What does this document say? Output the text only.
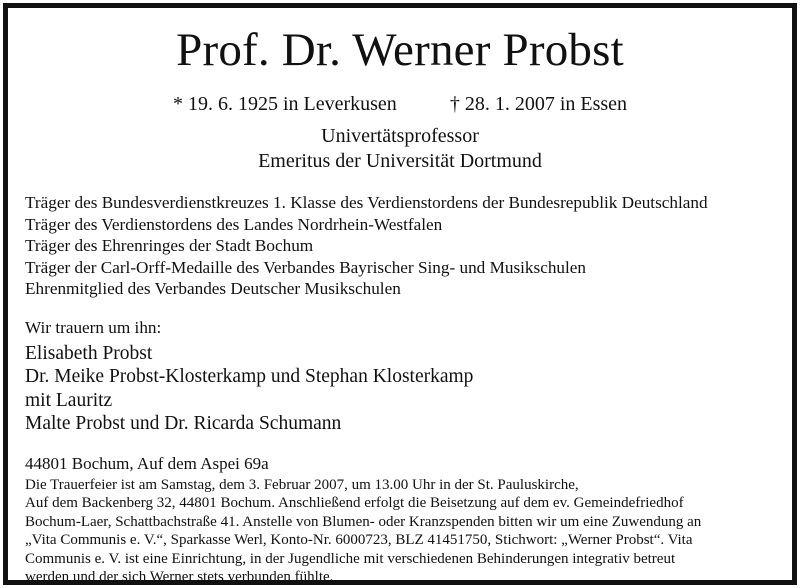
Prof. Dr. Werner Probst
* 19. 6. 1925 in Leverkusen	† 28. 1. 2007 in Essen
Univertätsprofessor
Emeritus der Universität Dortmund
Träger des Bundesverdienstkreuzes 1. Klasse des Verdienstordens der Bundesrepublik Deutschland
Träger des Verdienstordens des Landes Nordrhein-Westfalen
Träger des Ehrenringes der Stadt Bochum
Träger der Carl-Orff-Medaille des Verbandes Bayrischer Sing- und Musikschulen
Ehrenmitglied des Verbandes Deutscher Musikschulen
Wir trauern um ihn:
Elisabeth Probst
Dr. Meike Probst-Klosterkamp und Stephan Klosterkamp
mit Lauritz
Malte Probst und Dr. Ricarda Schumann
44801 Bochum, Auf dem Aspei 69a
Die Trauerfeier ist am Samstag, dem 3. Februar 2007, um 13.00 Uhr in der St. Pauluskirche,
Auf dem Backenberg 32, 44801 Bochum. Anschließend erfolgt die Beisetzung auf dem ev. Gemeindefriedhof
Bochum-Laer, Schattbachstraße 41. Anstelle von Blumen- oder Kranzspenden bitten wir um eine Zuwendung an
„Vita Communis e. V.“, Sparkasse Werl, Konto-Nr. 6000723, BLZ 41451750, Stichwort: „Werner Probst“. Vita
Communis e. V. ist eine Einrichtung, in der Jugendliche mit verschiedenen Behinderungen integrativ betreut
werden und der sich Werner stets verbunden fühlte.
